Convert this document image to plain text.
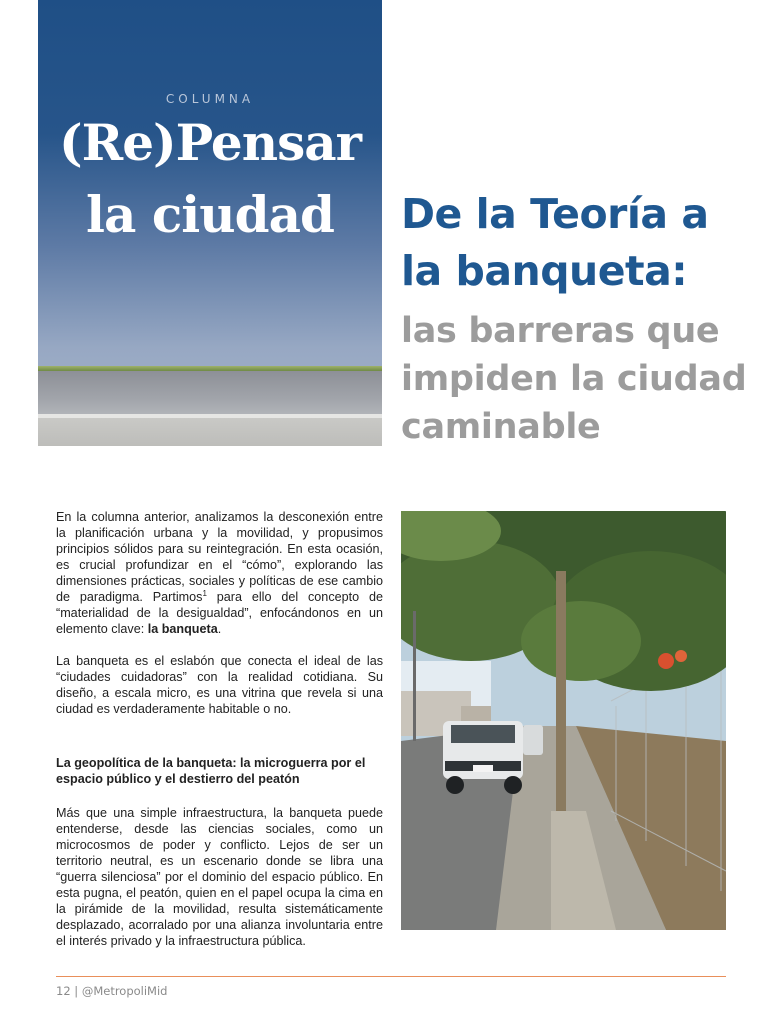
COLUMNA
(Re)Pensar
la ciudad	De la Teoría a
la banqueta:
las barreras que
impiden la ciudad
caminable

En la columna anterior, analizamos la desconexión entre la planificación urbana y la movilidad, y propusimos principios sólidos para su reintegración. En esta ocasión, es crucial profundizar en el “cómo”, explorando las dimensiones prácticas, sociales y políticas de ese cambio de paradigma. Partimos$^1$ para ello del concepto de “materialidad de la desigualdad”, enfocándonos en un elemento clave: la banqueta.

La banqueta es el eslabón que conecta el ideal de las “ciudades cuidadoras” con la realidad cotidiana. Su diseño, a escala micro, es una vitrina que revela si una ciudad es verdaderamente habitable o no.

La geopolítica de la banqueta: la microguerra por el espacio público y el destierro del peatón

Más que una simple infraestructura, la banqueta puede entenderse, desde las ciencias sociales, como un microcosmos de poder y conflicto. Lejos de ser un territorio neutral, es un escenario donde se libra una “guerra silenciosa” por el dominio del espacio público. En esta pugna, el peatón, quien en el papel ocupa la cima en la pirámide de la movilidad, resulta sistemáticamente desplazado, acorralado por una alianza involuntaria entre el interés privado y la infraestructura pública.

12 | @MetropoliMid
